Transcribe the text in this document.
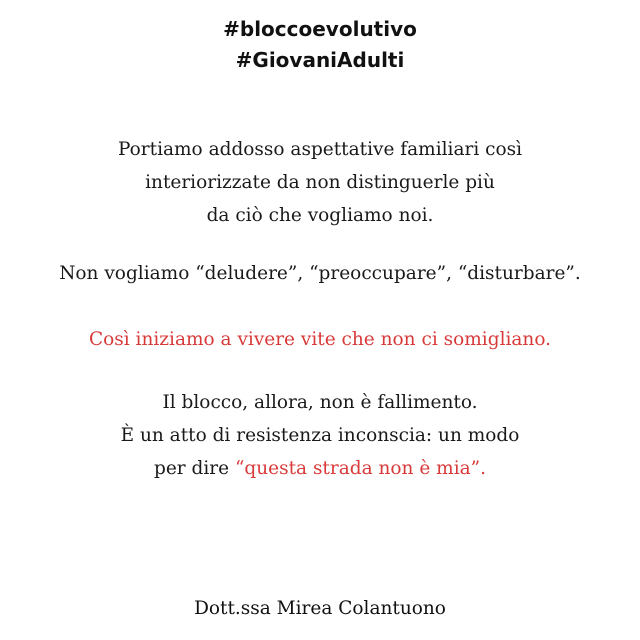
#bloccoevolutivo
#GiovaniAdulti
Portiamo addosso aspettative familiari così
interiorizzate da non distinguerle più
da ciò che vogliamo noi.
Non vogliamo “deludere”, “preoccupare”, “disturbare”.
Così iniziamo a vivere vite che non ci somigliano.
Il blocco, allora, non è fallimento.
È un atto di resistenza inconscia: un modo
per dire “questa strada non è mia”.
Dott.ssa Mirea Colantuono
